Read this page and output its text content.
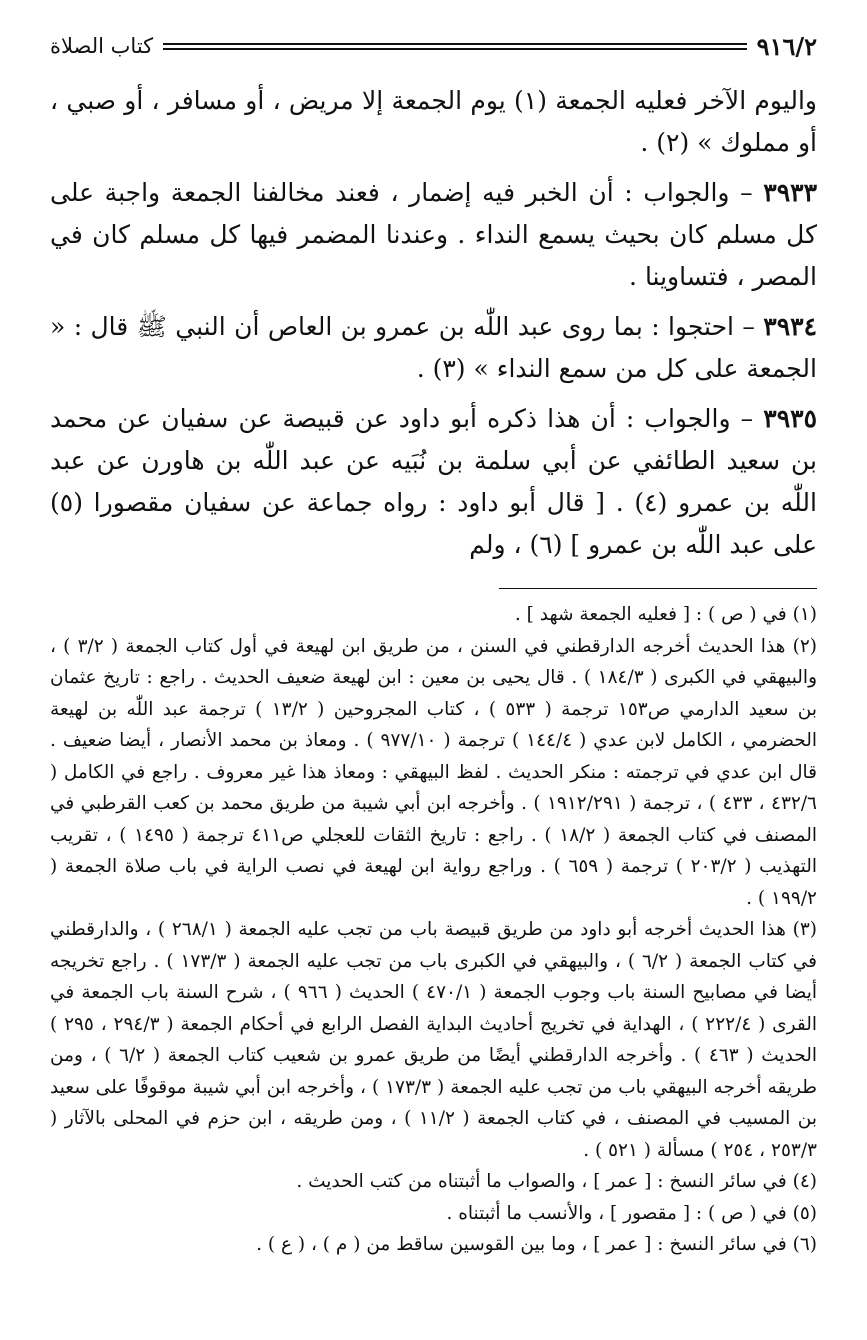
٩١٦/٢
كتاب الصلاة

واليوم الآخر فعليه الجمعة (١) يوم الجمعة إلا مريض ، أو مسافر ، أو صبي ، أو مملوك » (٢) .

٣٩٣٣ – والجواب : أن الخبر فيه إضمار ، فعند مخالفنا الجمعة واجبة على كل مسلم كان بحيث يسمع النداء . وعندنا المضمر فيها كل مسلم كان في المصر ، فتساوينا .

٣٩٣٤ – احتجوا : بما روى عبد اللّٰه بن عمرو بن العاص أن النبي ﷺ قال : « الجمعة على كل من سمع النداء » (٣) .

٣٩٣٥ – والجواب : أن هذا ذكره أبو داود عن قبيصة عن سفيان عن محمد بن سعيد الطائفي عن أبي سلمة بن نُبَيه عن عبد اللّٰه بن هاورن عن عبد اللّٰه بن عمرو (٤) . [ قال أبو داود : رواه جماعة عن سفيان مقصورا (٥) على عبد اللّٰه بن عمرو ] (٦) ، ولم

(١) في ( ص ) : [ فعليه الجمعة شهد ] .

(٢) هذا الحديث أخرجه الدارقطني في السنن ، من طريق ابن لهيعة في أول كتاب الجمعة ( ٣/٢ ) ، والبيهقي في الكبرى ( ١٨٤/٣ ) . قال يحيى بن معين : ابن لهيعة ضعيف الحديث . راجع : تاريخ عثمان بن سعيد الدارمي ص١٥٣ ترجمة ( ٥٣٣ ) ، كتاب المجروحين ( ١٣/٢ ) ترجمة عبد اللّٰه بن لهيعة الحضرمي ، الكامل لابن عدي ( ١٤٤/٤ ) ترجمة ( ٩٧٧/١٠ ) . ومعاذ بن محمد الأنصار ، أيضا ضعيف . قال ابن عدي في ترجمته : منكر الحديث . لفظ البيهقي : ومعاذ هذا غير معروف . راجع في الكامل ( ٤٣٢/٦ ، ٤٣٣ ) ، ترجمة ( ١٩١٢/٢٩١ ) . وأخرجه ابن أبي شيبة من طريق محمد بن كعب القرطبي في المصنف في كتاب الجمعة ( ١٨/٢ ) . راجع : تاريخ الثقات للعجلي ص٤١١ ترجمة ( ١٤٩٥ ) ، تقريب التهذيب ( ٢٠٣/٢ ) ترجمة ( ٦٥٩ ) . وراجع رواية ابن لهيعة في نصب الراية في باب صلاة الجمعة ( ١٩٩/٢ ) .

(٣) هذا الحديث أخرجه أبو داود من طريق قبيصة باب من تجب عليه الجمعة ( ٢٦٨/١ ) ، والدارقطني في كتاب الجمعة ( ٦/٢ ) ، والبيهقي في الكبرى باب من تجب عليه الجمعة ( ١٧٣/٣ ) . راجع تخريجه أيضا في مصابيح السنة باب وجوب الجمعة ( ٤٧٠/١ ) الحديث ( ٩٦٦ ) ، شرح السنة باب الجمعة في القرى ( ٢٢٢/٤ ) ، الهداية في تخريج أحاديث البداية الفصل الرابع في أحكام الجمعة ( ٢٩٤/٣ ، ٢٩٥ ) الحديث ( ٤٦٣ ) . وأخرجه الدارقطني أيضًا من طريق عمرو بن شعيب كتاب الجمعة ( ٦/٢ ) ، ومن طريقه أخرجه البيهقي باب من تجب عليه الجمعة ( ١٧٣/٣ ) ، وأخرجه ابن أبي شيبة موقوفًا على سعيد بن المسيب في المصنف ، في كتاب الجمعة ( ١١/٢ ) ، ومن طريقه ، ابن حزم في المحلى بالآثار ( ٢٥٣/٣ ، ٢٥٤ ) مسألة ( ٥٢١ ) .

(٤) في سائر النسخ : [ عمر ] ، والصواب ما أثبتناه من كتب الحديث .

(٥) في ( ص ) : [ مقصور ] ، والأنسب ما أثبتناه .

(٦) في سائر النسخ : [ عمر ] ، وما بين القوسين ساقط من ( م ) ، ( ع ) .
